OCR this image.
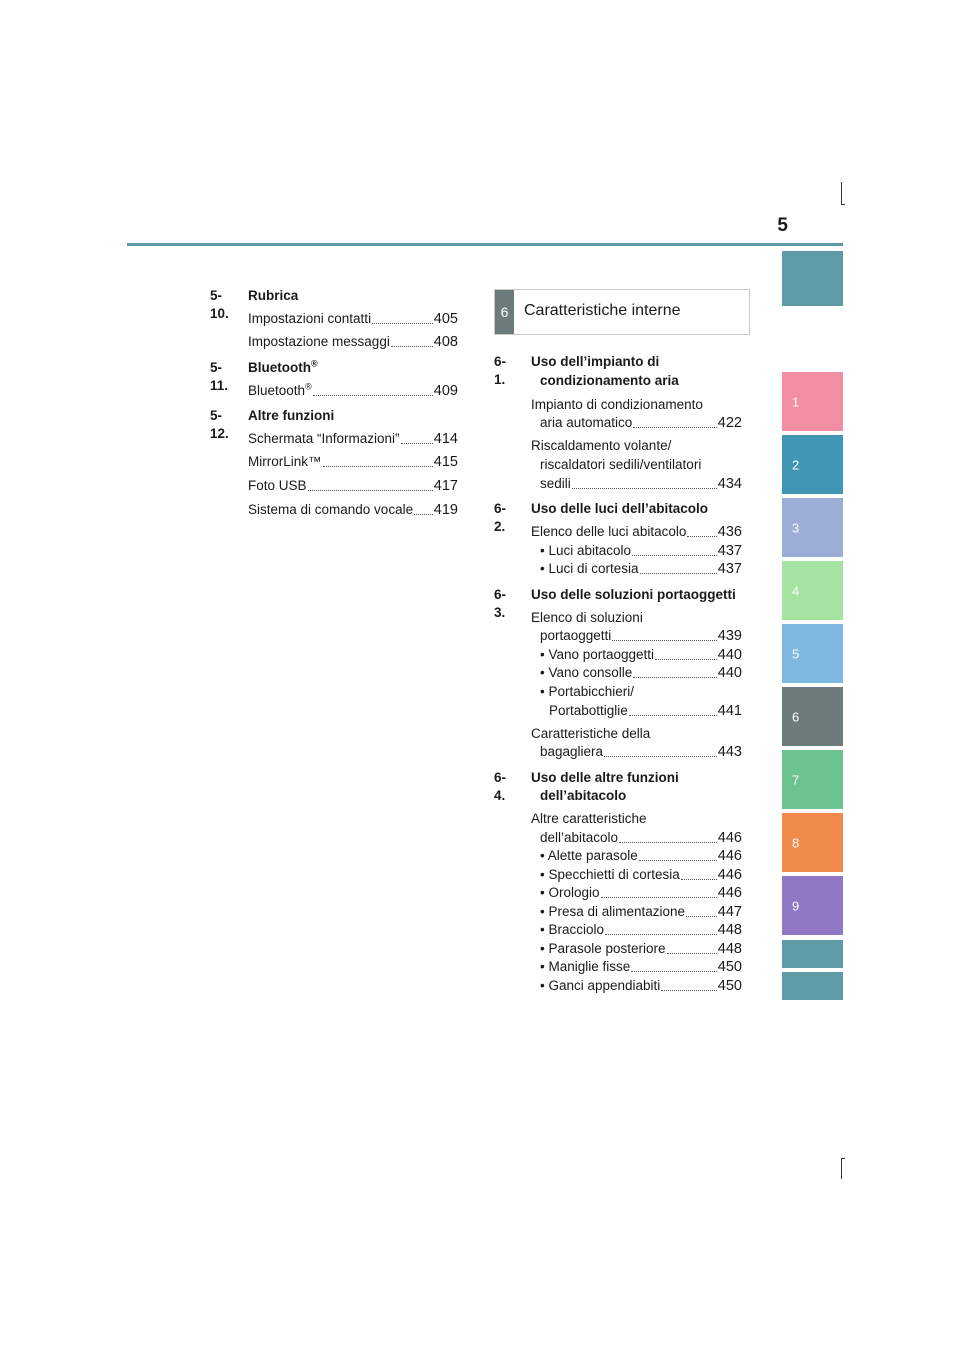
5
1
2
3
4
5
6
7
8
9
5-10.
Rubrica
Impostazioni contatti	405
Impostazione messaggi	408
5-11.
Bluetooth®
Bluetooth®	409
5-12.
Altre funzioni
Schermata “Informazioni” 414
MirrorLink™	415
Foto USB	417
Sistema di comando vocale 419
6 Caratteristiche interne
6-1.
Uso dell’impianto di
condizionamento aria
Impianto di condizionamento
aria automatico	422
Riscaldamento volante/
riscaldatori sedili/ventilatori
sedili	434
6-2.
Uso delle luci dell’abitacolo
Elenco delle luci abitacolo 436
• Luci abitacolo	437
• Luci di cortesia	437
6-3.
Uso delle soluzioni portaoggetti
Elenco di soluzioni
portaoggetti	439
• Vano portaoggetti	440
• Vano consolle	440
• Portabicchieri/
Portabottiglie	441
Caratteristiche della
bagagliera	443
6-4.
Uso delle altre funzioni
dell’abitacolo
Altre caratteristiche
dell’abitacolo	446
• Alette parasole	446
• Specchietti di cortesia	446
• Orologio	446
• Presa di alimentazione 447
• Bracciolo	448
• Parasole posteriore	448
• Maniglie fisse	450
• Ganci appendiabiti	450
